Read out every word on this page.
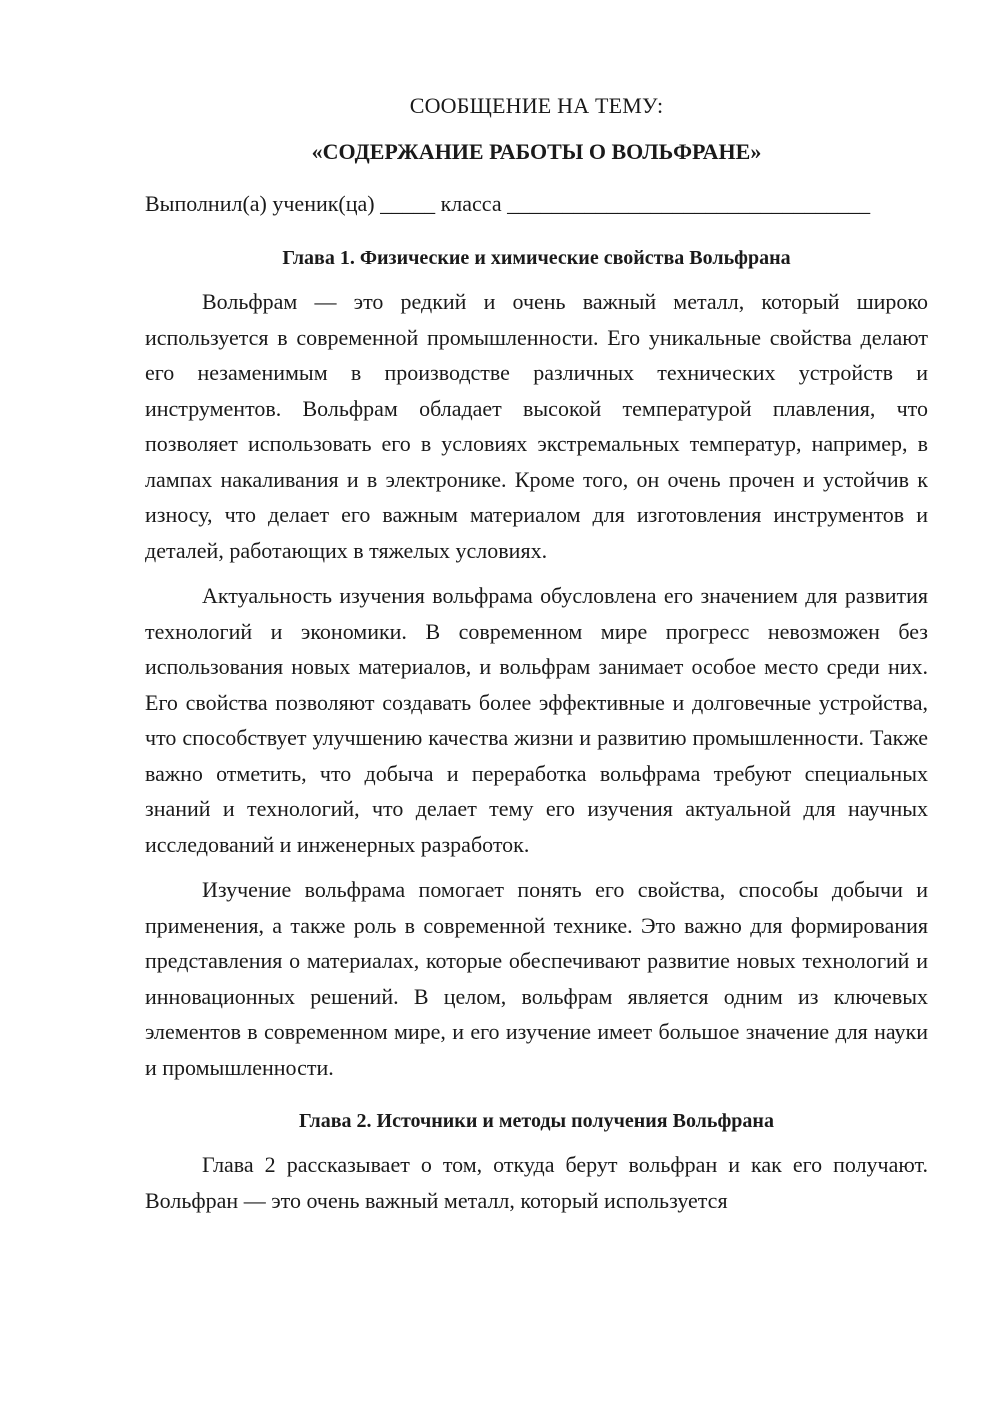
СООБЩЕНИЕ НА ТЕМУ:

«СОДЕРЖАНИЕ РАБОТЫ О ВОЛЬФРАНЕ»

Выполнил(а) ученик(ца) _____ класса _________________________________

Глава 1. Физические и химические свойства Вольфрана

Вольфрам — это редкий и очень важный металл, который широко используется в современной промышленности. Его уникальные свойства делают его незаменимым в производстве различных технических устройств и инструментов. Вольфрам обладает высокой температурой плавления, что позволяет использовать его в условиях экстремальных температур, например, в лампах накаливания и в электронике. Кроме того, он очень прочен и устойчив к износу, что делает его важным материалом для изготовления инструментов и деталей, работающих в тяжелых условиях.

Актуальность изучения вольфрама обусловлена его значением для развития технологий и экономики. В современном мире прогресс невозможен без использования новых материалов, и вольфрам занимает особое место среди них. Его свойства позволяют создавать более эффективные и долговечные устройства, что способствует улучшению качества жизни и развитию промышленности. Также важно отметить, что добыча и переработка вольфрама требуют специальных знаний и технологий, что делает тему его изучения актуальной для научных исследований и инженерных разработок.

Изучение вольфрама помогает понять его свойства, способы добычи и применения, а также роль в современной технике. Это важно для формирования представления о материалах, которые обеспечивают развитие новых технологий и инновационных решений. В целом, вольфрам является одним из ключевых элементов в современном мире, и его изучение имеет большое значение для науки и промышленности.

Глава 2. Источники и методы получения Вольфрана

Глава 2 рассказывает о том, откуда берут вольфран и как его получают. Вольфран — это очень важный металл, который используется
